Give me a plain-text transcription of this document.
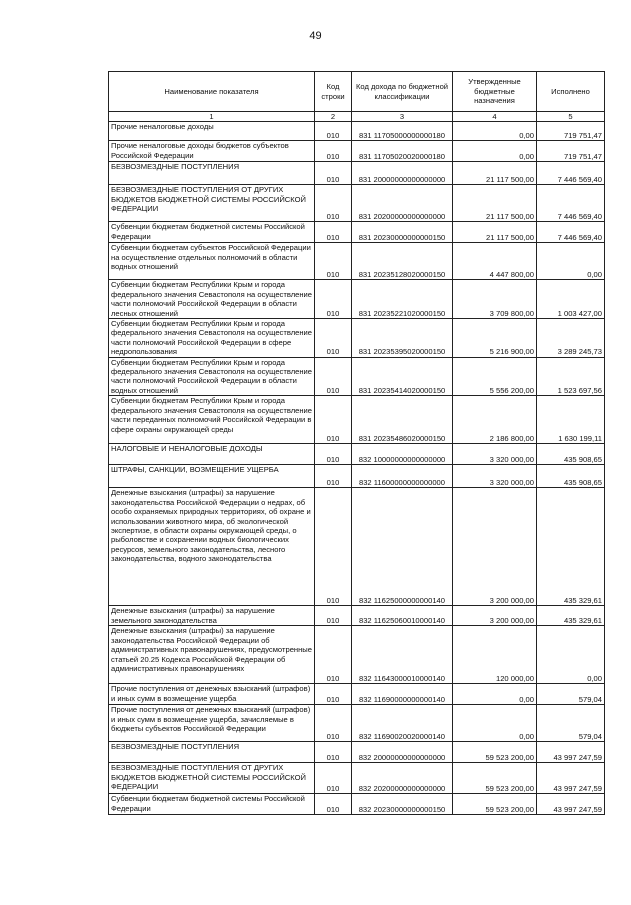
49
Наименование показателя	Код строки	Код дохода по бюджетной классификации	Утвержденные бюджетные назначения	Исполнено
1	2	3	4	5
Прочие неналоговые доходы	010	831 11705000000000180	0,00	719 751,47
Прочие неналоговые доходы бюджетов субъектов Российской Федерации	010	831 11705020020000180	0,00	719 751,47
БЕЗВОЗМЕЗДНЫЕ ПОСТУПЛЕНИЯ	010	831 20000000000000000	21 117 500,00	7 446 569,40
БЕЗВОЗМЕЗДНЫЕ ПОСТУПЛЕНИЯ ОТ ДРУГИХ БЮДЖЕТОВ БЮДЖЕТНОЙ СИСТЕМЫ РОССИЙСКОЙ ФЕДЕРАЦИИ	010	831 20200000000000000	21 117 500,00	7 446 569,40
Субвенции бюджетам бюджетной системы Российской Федерации	010	831 20230000000000150	21 117 500,00	7 446 569,40
Субвенции бюджетам субъектов Российской Федерации на осуществление отдельных полномочий в области водных отношений	010	831 20235128020000150	4 447 800,00	0,00
Субвенции бюджетам Республики Крым и города федерального значения Севастополя на осуществление части полномочий Российской Федерации в области лесных отношений	010	831 20235221020000150	3 709 800,00	1 003 427,00
Субвенции бюджетам Республики Крым и города федерального значения Севастополя на осуществление части полномочий Российской Федерации в сфере недропользования	010	831 20235395020000150	5 216 900,00	3 289 245,73
Субвенции бюджетам Республики Крым и города федерального значения Севастополя на осуществление части полномочий Российской Федерации в области водных отношений	010	831 20235414020000150	5 556 200,00	1 523 697,56
Субвенции бюджетам Республики Крым и города федерального значения Севастополя на осуществление части переданных полномочий Российской Федерации в сфере охраны окружающей среды	010	831 20235486020000150	2 186 800,00	1 630 199,11
НАЛОГОВЫЕ И НЕНАЛОГОВЫЕ ДОХОДЫ	010	832 10000000000000000	3 320 000,00	435 908,65
ШТРАФЫ, САНКЦИИ, ВОЗМЕЩЕНИЕ УЩЕРБА	010	832 11600000000000000	3 320 000,00	435 908,65
Денежные взыскания (штрафы) за нарушение законодательства Российской Федерации о недрах, об особо охраняемых природных территориях, об охране и использовании животного мира, об экологической экспертизе, в области охраны окружающей среды, о рыболовстве и сохранении водных биологических ресурсов, земельного законодательства, лесного законодательства, водного законодательства	010	832 11625000000000140	3 200 000,00	435 329,61
Денежные взыскания (штрафы) за нарушение земельного законодательства	010	832 11625060010000140	3 200 000,00	435 329,61
Денежные взыскания (штрафы) за нарушение законодательства Российской Федерации об административных правонарушениях, предусмотренные статьей 20.25 Кодекса Российской Федерации об административных правонарушениях	010	832 11643000010000140	120 000,00	0,00
Прочие поступления от денежных взысканий (штрафов) и иных сумм в возмещение ущерба	010	832 11690000000000140	0,00	579,04
Прочие поступления от денежных взысканий (штрафов) и иных сумм в возмещение ущерба, зачисляемые в бюджеты субъектов Российской Федерации	010	832 11690020020000140	0,00	579,04
БЕЗВОЗМЕЗДНЫЕ ПОСТУПЛЕНИЯ	010	832 20000000000000000	59 523 200,00	43 997 247,59
БЕЗВОЗМЕЗДНЫЕ ПОСТУПЛЕНИЯ ОТ ДРУГИХ БЮДЖЕТОВ БЮДЖЕТНОЙ СИСТЕМЫ РОССИЙСКОЙ ФЕДЕРАЦИИ	010	832 20200000000000000	59 523 200,00	43 997 247,59
Субвенции бюджетам бюджетной системы Российской Федерации	010	832 20230000000000150	59 523 200,00	43 997 247,59
